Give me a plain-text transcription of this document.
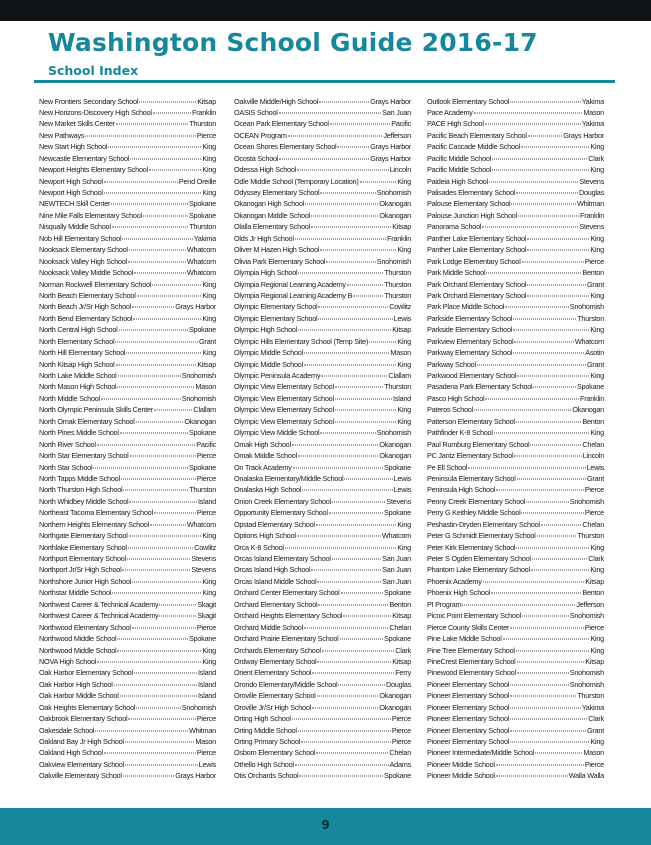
Washington School Guide 2016-17
School Index
New Frontiers Secondary School	Kitsap
New Horizons-Discovery High School	Franklin
New Market Skills Center	Thurston
New Pathways	Pierce
New Start High School	King
Newcastle Elementary School	King
Newport Heights Elementary School	King
Newport High School	Pend Oreille
Newport High School	King
NEWTECH Skill Center	Spokane
Nine Mile Falls Elementary School	Spokane
Nisqually Middle School	Thurston
Nob Hill Elementary School	Yakima
Nooksack Elementary School	Whatcom
Nooksack Valley High School	Whatcom
Nooksack Valley Middle School	Whatcom
Norman Rockwell Elementary School	King
North Beach Elementary School	King
North Beach Jr/Sr High School	Grays Harbor
North Bend Elementary School	King
North Central High School	Spokane
North Elementary School	Grant
North Hill Elementary School	King
North Kitsap High School	Kitsap
North Lake Middle School	Snohomish
North Mason High School	Mason
North Middle School	Snohomish
North Olympic Peninsula Skills Center	Clallam
North Omak Elementary School	Okanogan
North Pines Middle School	Spokane
North River School	Pacific
North Star Elementary School	Pierce
North Star School	Spokane
North Tapps Middle School	Pierce
North Thurston High School	Thurston
North Whidbey Middle School	Island
Northeast Tacoma Elementary School	Pierce
Northern Heights Elementary School	Whatcom
Northgate Elementary School	King
Northlake Elementary School	Cowlitz
Northport Elementary School	Stevens
Northport Jr/Sr High School	Stevens
Northshore Junior High School	King
Northstar Middle School	King
Northwest Career & Technical Academy	Skagit
Northwest Career & Technical Academy	Skagit
Northwood Elementary School	Pierce
Northwood Middle School	Spokane
Northwood Middle School	King
NOVA High School	King
Oak Harbor Elementary School	Island
Oak Harbor High School	Island
Oak Harbor Middle School	Island
Oak Heights Elementary School	Snohomish
Oakbrook Elementary School	Pierce
Oakesdale School	Whitman
Oakland Bay Jr High School	Mason
Oakland High School	Pierce
Oakview Elementary School	Lewis
Oakville Elementary School	Grays Harbor
Oakville Middle/High School	Grays Harbor
OASIS School	San Juan
Ocean Park Elementary School	Pacific
OCEAN Program	Jefferson
Ocean Shores Elementary School	Grays Harbor
Ocosta School	Grays Harbor
Odessa High School	Lincoln
Odle Middle School (Temporary Location)	King
Odyssey Elementary School	Snohomish
Okanogan High School	Okanogan
Okanogan Middle School	Okanogan
Olalla Elementary School	Kitsap
Olds Jr High School	Franklin
Oliver M Hazen High School	King
Olivia Park Elementary School	Snohomish
Olympia High School	Thurston
Olympia Regional Learning Academy	Thurston
Olympia Regional Learning Academy B	Thurston
Olympic Elementary School	Cowlitz
Olympic Elementary School	Lewis
Olympic High School	Kitsap
Olympic Hills Elementary School (Temp Site)	King
Olympic Middle School	Mason
Olympic Middle School	King
Olympic Peninsula Academy	Clallam
Olympic View Elementary School	Thurston
Olympic View Elementary School	Island
Olympic View Elementary School	King
Olympic View Elementary School	King
Olympic View Middle School	Snohomish
Omak High School	Okanogan
Omak Middle School	Okanogan
On Track Academy	Spokane
Onalaska Elementary/Middle School	Lewis
Onalaska High School	Lewis
Onion Creek Elementary School	Stevens
Opportunity Elementary School	Spokane
Opstad Elementary School	King
Options High School	Whatcom
Orca K-8 School	King
Orcas Island Elementary School	San Juan
Orcas Island High School	San Juan
Orcas Island Middle School	San Juan
Orchard Center Elementary School	Spokane
Orchard Elementary School	Benton
Orchard Heights Elementary School	Kitsap
Orchard Middle School	Chelan
Orchard Prairie Elementary School	Spokane
Orchards Elementary School	Clark
Ordway Elementary School	Kitsap
Orient Elementary School	Ferry
Orondo Elementary/Middle School	Douglas
Oroville Elementary School	Okanogan
Oroville Jr/Sr High School	Okanogan
Orting High School	Pierce
Orting Middle School	Pierce
Orting Primary School	Pierce
Osborn Elementary School	Chelan
Othello High School	Adams
Otis Orchards School	Spokane
Outlook Elementary School	Yakima
Pace Academy	Mason
PACE High School	Yakima
Pacific Beach Elementary School	Grays Harbor
Pacific Cascade Middle School	King
Pacific Middle School	Clark
Pacific Middle School	King
Paideia High School	Stevens
Palisades Elementary School	Douglas
Palouse Elementary School	Whitman
Palouse Junction High School	Franklin
Panorama School	Stevens
Panther Lake Elementary School	King
Panther Lake Elementary School	King
Park Lodge Elementary School	Pierce
Park Middle School	Benton
Park Orchard Elementary School	Grant
Park Orchard Elementary School	King
Park Place Middle School	Snohomish
Parkside Elementary School	Thurston
Parkside Elementary School	King
Parkview Elementary School	Whatcom
Parkway Elementary School	Asotin
Parkway School	Grant
Parkwood Elementary School	King
Pasadena Park Elementary School	Spokane
Pasco High School	Franklin
Pateros School	Okanogan
Patterson Elementary School	Benton
Pathfinder K-8 School	King
Paul Rumburg Elementary School	Chelan
PC Jantz Elementary School	Lincoln
Pe Ell School	Lewis
Peninsula Elementary School	Grant
Peninsula High School	Pierce
Penny Creek Elementary School	Snohomish
Perry G Keithley Middle School	Pierce
Peshastin-Dryden Elementary School	Chelan
Peter G Schmidt Elementary School	Thurston
Peter Kirk Elementary School	King
Peter S Ogden Elementary School	Clark
Phantom Lake Elementary School	King
Phoenix Academy	Kitsap
Phoenix High School	Benton
PI Program	Jefferson
Picnic Point Elementary School	Snohomish
Pierce County Skills Center	Pierce
Pine Lake Middle School	King
Pine Tree Elementary School	King
PineCrest Elementary School	Kitsap
Pinewood Elementary School	Snohomish
Pioneer Elementary School	Snohomish
Pioneer Elementary School	Thurston
Pioneer Elementary School	Yakima
Pioneer Elementary School	Clark
Pioneer Elementary School	Grant
Pioneer Elementary School	King
Pioneer Intermediate/Middle School	Mason
Pioneer Middle School	Pierce
Pioneer Middle School	Walla Walla
9
